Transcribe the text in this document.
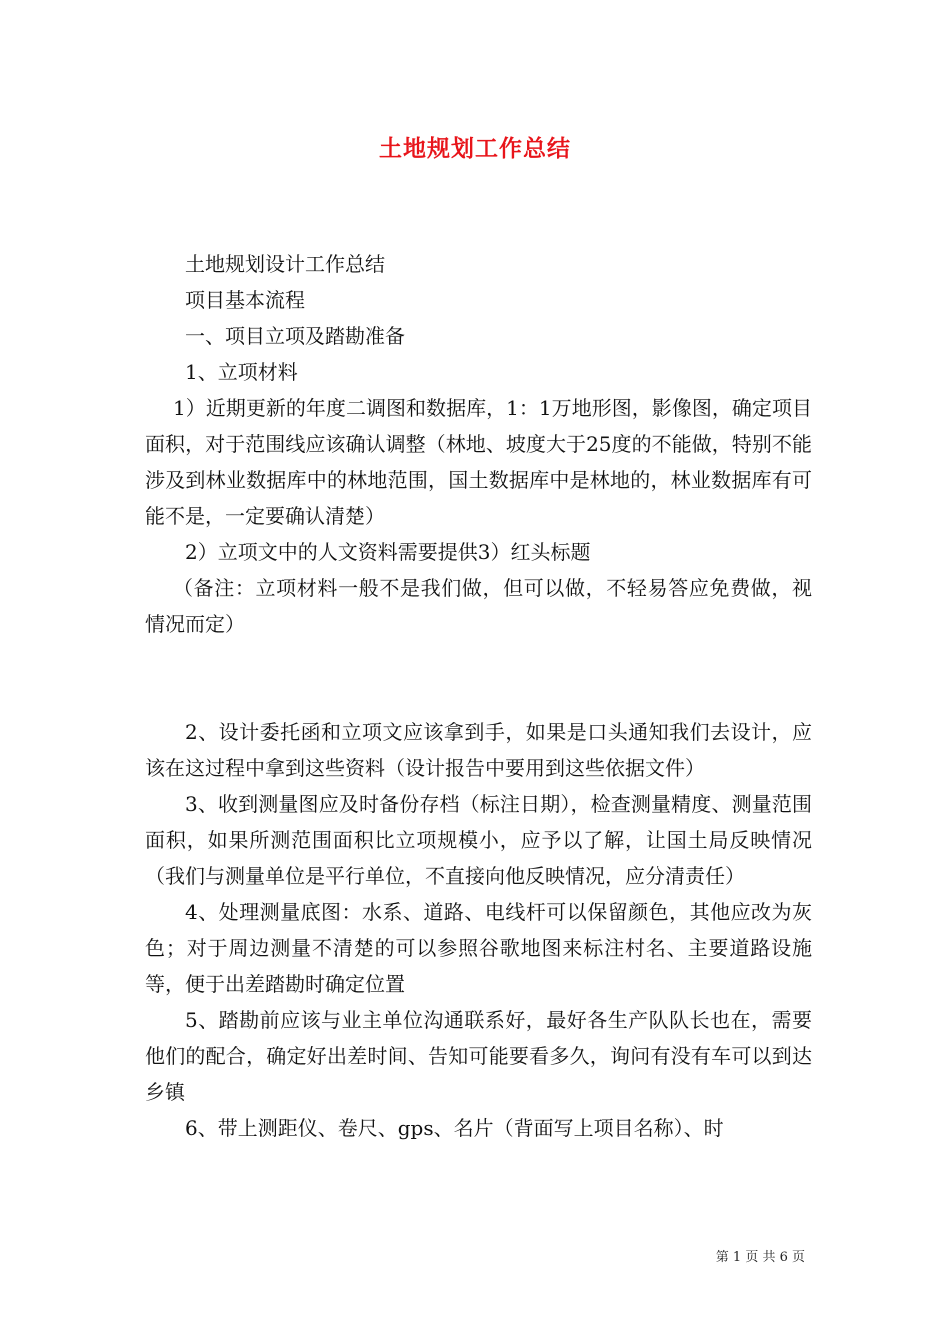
土地规划工作总结

土地规划设计工作总结

项目基本流程

一、项目立项及踏勘准备

1、立项材料

1）近期更新的年度二调图和数据库，1：1万地形图，影像图，确定项目面积，对于范围线应该确认调整（林地、坡度大于25度的不能做，特别不能涉及到林业数据库中的林地范围，国土数据库中是林地的，林业数据库有可能不是，一定要确认清楚）

2）立项文中的人文资料需要提供3）红头标题

（备注：立项材料一般不是我们做，但可以做，不轻易答应免费做，视情况而定）

2、设计委托函和立项文应该拿到手，如果是口头通知我们去设计，应该在这过程中拿到这些资料（设计报告中要用到这些依据文件）

3、收到测量图应及时备份存档（标注日期），检查测量精度、测量范围面积，如果所测范围面积比立项规模小，应予以了解，让国土局反映情况（我们与测量单位是平行单位，不直接向他反映情况，应分清责任）

4、处理测量底图：水系、道路、电线杆可以保留颜色，其他应改为灰色；对于周边测量不清楚的可以参照谷歌地图来标注村名、主要道路设施等，便于出差踏勘时确定位置

5、踏勘前应该与业主单位沟通联系好，最好各生产队队长也在，需要他们的配合，确定好出差时间、告知可能要看多久，询问有没有车可以到达乡镇

6、带上测距仪、卷尺、gps、名片（背面写上项目名称）、时

第 1 页 共 6 页
